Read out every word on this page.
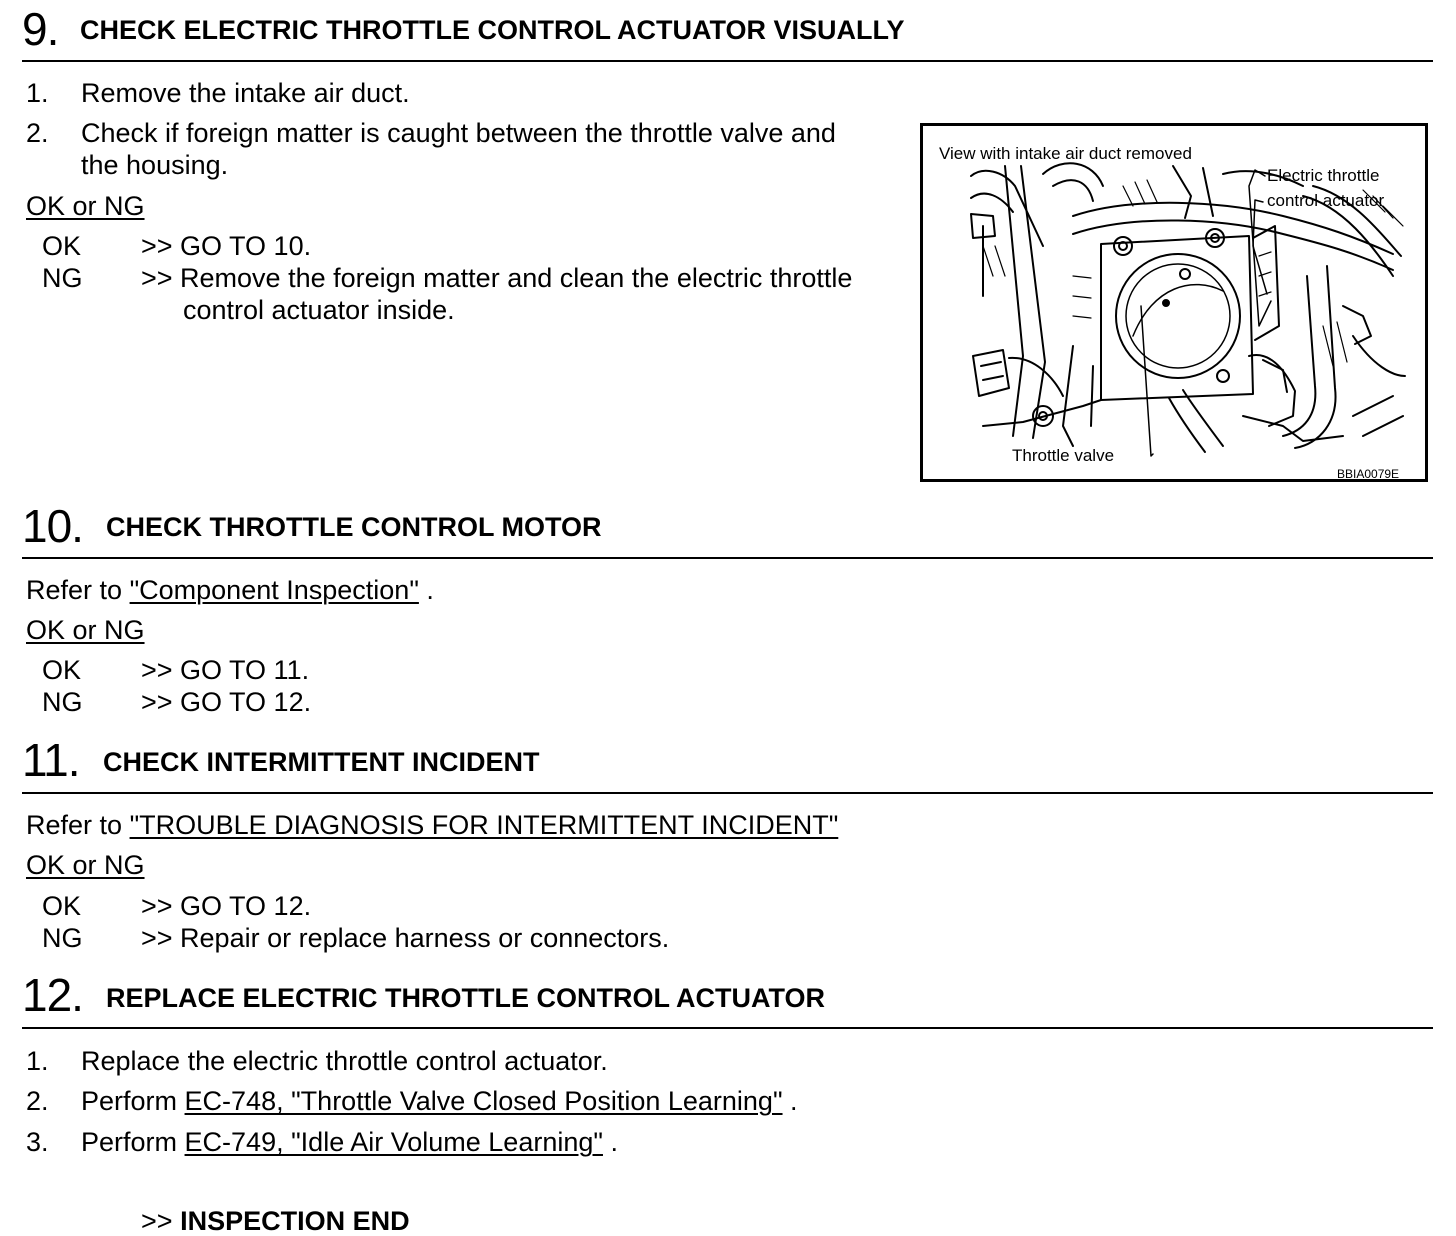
9. CHECK ELECTRIC THROTTLE CONTROL ACTUATOR VISUALLY
1. Remove the intake air duct.
2. Check if foreign matter is caught between the throttle valve and
the housing.
OK or NG
OK >> GO TO 10.
NG >> Remove the foreign matter and clean the electric throttle
control actuator inside.
View with intake air duct removed
Electric throttle
control actuator
Throttle valve
BBIA0079E
10. CHECK THROTTLE CONTROL MOTOR
Refer to "Component Inspection" .
OK or NG
OK >> GO TO 11.
NG >> GO TO 12.
11. CHECK INTERMITTENT INCIDENT
Refer to "TROUBLE DIAGNOSIS FOR INTERMITTENT INCIDENT"
OK or NG
OK >> GO TO 12.
NG >> Repair or replace harness or connectors.
12. REPLACE ELECTRIC THROTTLE CONTROL ACTUATOR
1. Replace the electric throttle control actuator.
2. Perform EC-748, "Throttle Valve Closed Position Learning" .
3. Perform EC-749, "Idle Air Volume Learning" .
>> INSPECTION END
